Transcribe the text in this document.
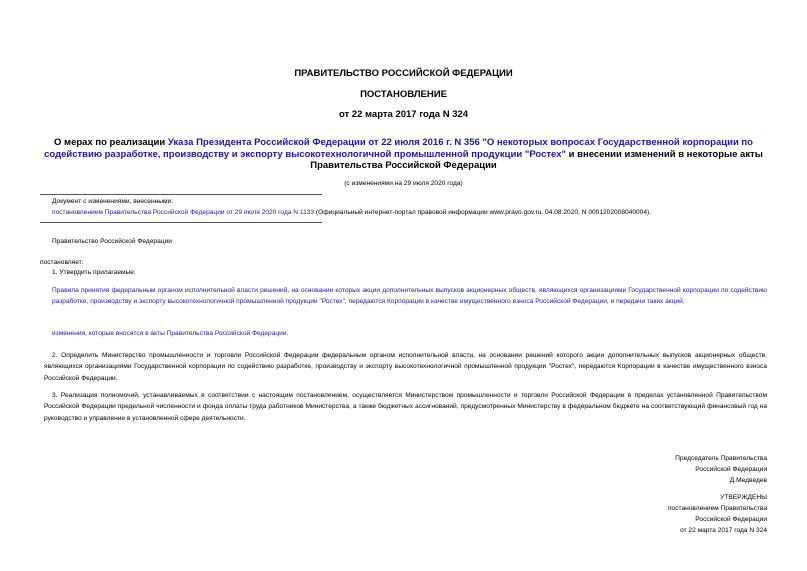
ПРАВИТЕЛЬСТВО РОССИЙСКОЙ ФЕДЕРАЦИИ
ПОСТАНОВЛЕНИЕ
от 22 марта 2017 года N 324
О мерах по реализации Указа Президента Российской Федерации от 22 июля 2016 г. N 356 "О некоторых вопросах Государственной корпорации по содействию разработке, производству и экспорту высокотехнологичной промышленной продукции "Ростех" и внесении изменений в некоторые акты Правительства Российской Федерации
(с изменениями на 29 июля 2020 года)
Документ с изменениями, внесенными:
постановлением Правительства Российской Федерации от 29 июля 2020 года N 1133 (Официальный интернет-портал правовой информации www.pravo.gov.ru, 04.08.2020, N 0001202008040004).
Правительство Российской Федерации
постановляет:
1. Утвердить прилагаемые:
Правила принятия федеральным органом исполнительной власти решений, на основании которых акции дополнительных выпусков акционерных обществ, являющихся организациями Государственной корпорации по содействию разработке, производству и экспорту высокотехнологичной промышленной продукции "Ростех", передаются Корпорации в качестве имущественного взноса Российской Федерации, и передачи таких акций;
изменения, которые вносятся в акты Правительства Российской Федерации.
2. Определить Министерство промышленности и торговли Российской Федерации федеральным органом исполнительной власти, на основании решений которого акции дополнительных выпусков акционерных обществ, являющихся организациями Государственной корпорации по содействию разработке, производству и экспорту высокотехнологичной промышленной продукции "Ростех", передаются Корпорации в качестве имущественного взноса Российской Федерации.
3. Реализация полномочий, устанавливаемых в соответствии с настоящим постановлением, осуществляется Министерством промышленности и торговли Российской Федерации в пределах установленной Правительством Российской Федерации предельной численности и фонда оплаты труда работников Министерства, а также бюджетных ассигнований, предусмотренных Министерству в федеральном бюджете на соответствующий финансовый год на руководство и управление в установленной сфере деятельности.
Председатель Правительства
Российской Федерации
Д.Медведев
УТВЕРЖДЕНЫ
постановлением Правительства
Российской Федерации
от 22 марта 2017 года N 324
